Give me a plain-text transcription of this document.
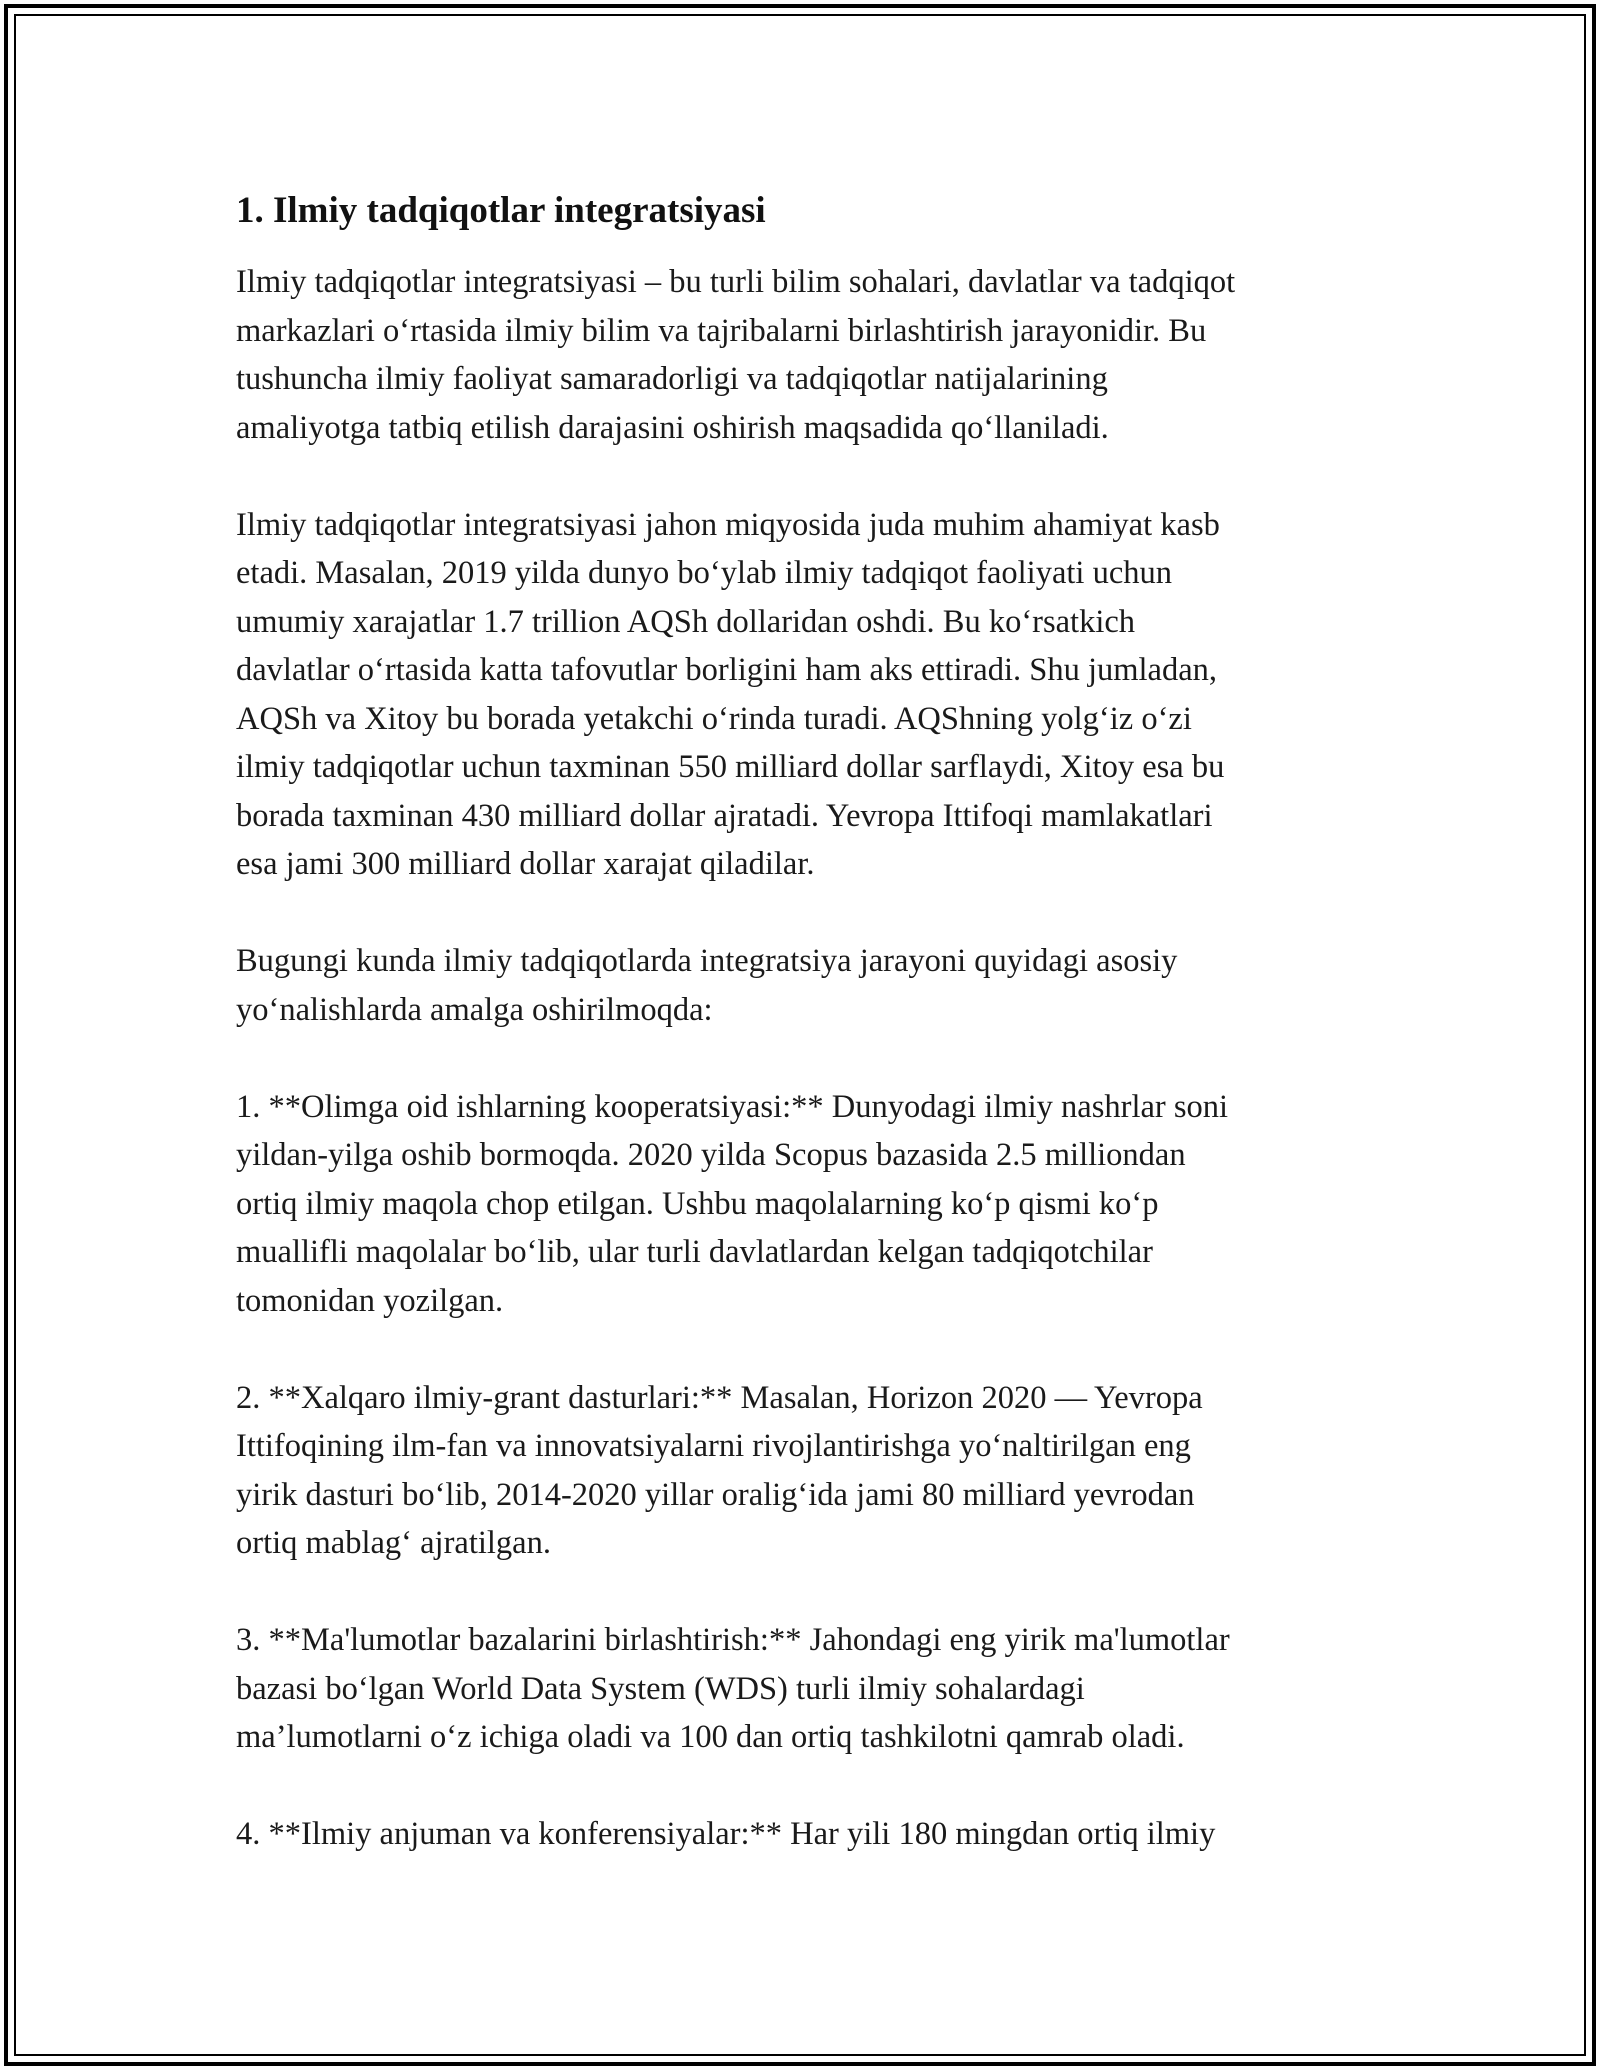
1. Ilmiy tadqiqotlar integratsiyasi
Ilmiy tadqiqotlar integratsiyasi – bu turli bilim sohalari, davlatlar va tadqiqot
markazlari oʻrtasida ilmiy bilim va tajribalarni birlashtirish jarayonidir. Bu
tushuncha ilmiy faoliyat samaradorligi va tadqiqotlar natijalarining
amaliyotga tatbiq etilish darajasini oshirish maqsadida qoʻllaniladi.
Ilmiy tadqiqotlar integratsiyasi jahon miqyosida juda muhim ahamiyat kasb
etadi. Masalan, 2019 yilda dunyo boʻylab ilmiy tadqiqot faoliyati uchun
umumiy xarajatlar 1.7 trillion AQSh dollaridan oshdi. Bu koʻrsatkich
davlatlar oʻrtasida katta tafovutlar borligini ham aks ettiradi. Shu jumladan,
AQSh va Xitoy bu borada yetakchi oʻrinda turadi. AQShning yolgʻiz oʻzi
ilmiy tadqiqotlar uchun taxminan 550 milliard dollar sarflaydi, Xitoy esa bu
borada taxminan 430 milliard dollar ajratadi. Yevropa Ittifoqi mamlakatlari
esa jami 300 milliard dollar xarajat qiladilar.
Bugungi kunda ilmiy tadqiqotlarda integratsiya jarayoni quyidagi asosiy
yoʻnalishlarda amalga oshirilmoqda:
1. **Olimga oid ishlarning kooperatsiyasi:** Dunyodagi ilmiy nashrlar soni
yildan-yilga oshib bormoqda. 2020 yilda Scopus bazasida 2.5 milliondan
ortiq ilmiy maqola chop etilgan. Ushbu maqolalarning koʻp qismi koʻp
muallifli maqolalar boʻlib, ular turli davlatlardan kelgan tadqiqotchilar
tomonidan yozilgan.
2. **Xalqaro ilmiy-grant dasturlari:** Masalan, Horizon 2020 — Yevropa
Ittifoqining ilm-fan va innovatsiyalarni rivojlantirishga yoʻnaltirilgan eng
yirik dasturi boʻlib, 2014-2020 yillar oraligʻida jami 80 milliard yevrodan
ortiq mablagʻ ajratilgan.
3. **Ma'lumotlar bazalarini birlashtirish:** Jahondagi eng yirik ma'lumotlar
bazasi boʻlgan World Data System (WDS) turli ilmiy sohalardagi
ma’lumotlarni oʻz ichiga oladi va 100 dan ortiq tashkilotni qamrab oladi.
4. **Ilmiy anjuman va konferensiyalar:** Har yili 180 mingdan ortiq ilmiy
